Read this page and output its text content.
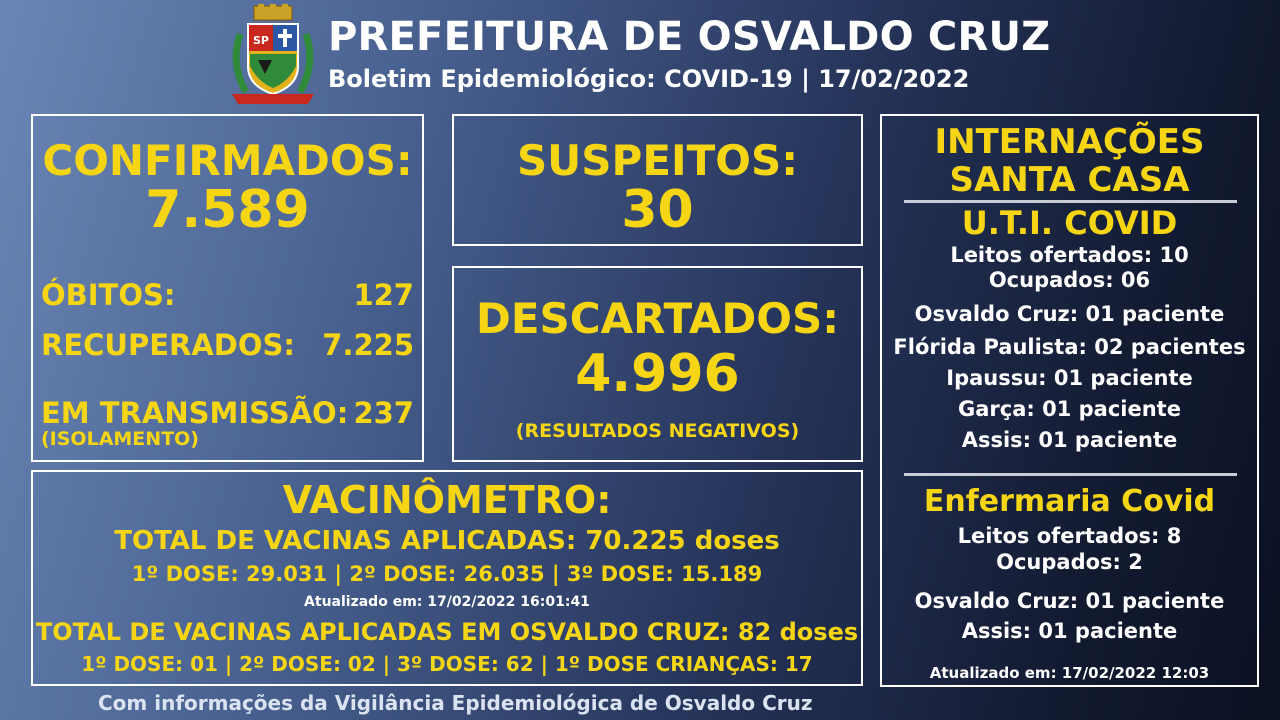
SP PREFEITURA DE OSVALDO CRUZ
Boletim Epidemiológico: COVID-19 | 17/02/2022
CONFIRMADOS:
7.589
ÓBITOS:	127
RECUPERADOS: 7.225
EM TRANSMISSÃO: 237
(ISOLAMENTO)
SUSPEITOS:
30
DESCARTADOS:
4.996
(RESULTADOS NEGATIVOS)
VACINÔMETRO:
TOTAL DE VACINAS APLICADAS: 70.225 doses
1º DOSE: 29.031 | 2º DOSE: 26.035 | 3º DOSE: 15.189
Atualizado em: 17/02/2022 16:01:41
TOTAL DE VACINAS APLICADAS EM OSVALDO CRUZ: 82 doses
1º DOSE: 01 | 2º DOSE: 02 | 3º DOSE: 62 | 1º DOSE CRIANÇAS: 17
INTERNAÇÕES
SANTA CASA
U.T.I. COVID
Leitos ofertados: 10
Ocupados: 06
Osvaldo Cruz: 01 paciente
Flórida Paulista: 02 pacientes
Ipaussu: 01 paciente
Garça: 01 paciente
Assis: 01 paciente
Enfermaria Covid
Leitos ofertados: 8
Ocupados: 2
Osvaldo Cruz: 01 paciente
Assis: 01 paciente
Atualizado em: 17/02/2022 12:03
Com informações da Vigilância Epidemiológica de Osvaldo Cruz
